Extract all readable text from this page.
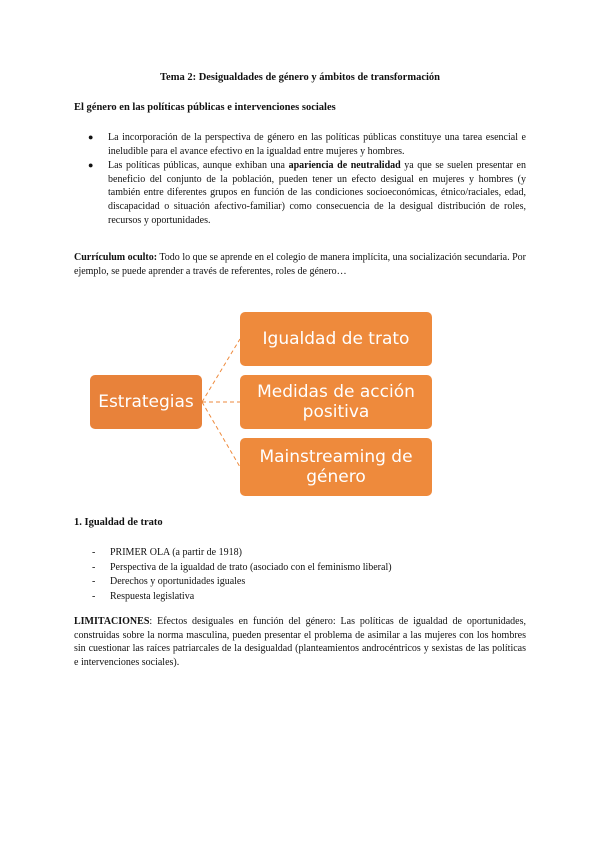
Tema 2: Desigualdades de género y ámbitos de transformación
El género en las políticas públicas e intervenciones sociales
● La incorporación de la perspectiva de género en las políticas públicas constituye una tarea esencial e ineludible para el avance efectivo en la igualdad entre mujeres y hombres.
● Las políticas públicas, aunque exhiban una apariencia de neutralidad ya que se suelen presentar en beneficio del conjunto de la población, pueden tener un efecto desigual en mujeres y hombres (y también entre diferentes grupos en función de las condiciones socioeconómicas, étnico/raciales, edad, discapacidad o situación afectivo-familiar) como consecuencia de la desigual distribución de roles, recursos y oportunidades.

Currículum oculto: Todo lo que se aprende en el colegio de manera implícita, una socialización secundaria. Por ejemplo, se puede aprender a través de referentes, roles de género…

Estrategias
Igualdad de trato
Medidas de acción positiva
Mainstreaming de género
1. Igualdad de trato
- PRIMER OLA (a partir de 1918)
- Perspectiva de la igualdad de trato (asociado con el feminismo liberal)
- Derechos y oportunidades iguales
- Respuesta legislativa

LIMITACIONES: Efectos desiguales en función del género: Las políticas de igualdad de oportunidades, construidas sobre la norma masculina, pueden presentar el problema de asimilar a las mujeres con los hombres sin cuestionar las raíces patriarcales de la desigualdad (planteamientos androcéntricos y sexistas de las políticas e intervenciones sociales).
